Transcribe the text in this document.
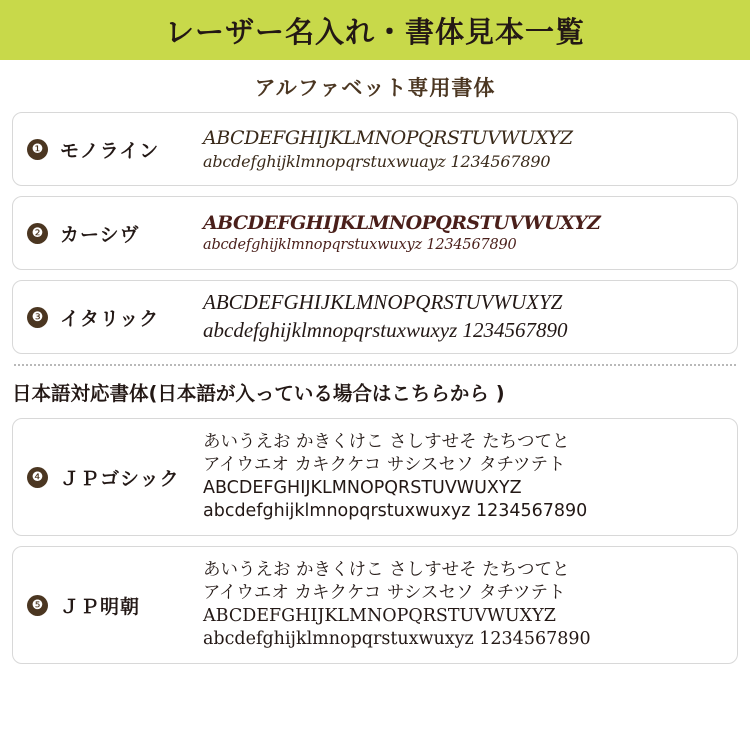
レーザー名入れ・書体見本一覧
アルファベット専用書体
❶ モノライン
ABCDEFGHIJKLMNOPQRSTUVWUXYZ
abcdefghijklmnopqrstuxwuayz 1234567890
❷ カーシヴ
ABCDEFGHIJKLMNOPQRSTUVWUXYZ
abcdefghijklmnopqrstuxwuxyz 1234567890
❸ イタリック
ABCDEFGHIJKLMNOPQRSTUVWUXYZ
abcdefghijklmnopqrstuxwuxyz 1234567890
日本語対応書体(日本語が入っている場合はこちらから )
❹ ＪＰゴシック
あいうえお かきくけこ さしすせそ たちつてと
アイウエオ カキクケコ サシスセソ タチツテト
ABCDEFGHIJKLMNOPQRSTUVWUXYZ
abcdefghijklmnopqrstuxwuxyz 1234567890
❺ ＪＰ明朝
あいうえお かきくけこ さしすせそ たちつてと
アイウエオ カキクケコ サシスセソ タチツテト
ABCDEFGHIJKLMNOPQRSTUVWUXYZ
abcdefghijklmnopqrstuxwuxyz 1234567890
